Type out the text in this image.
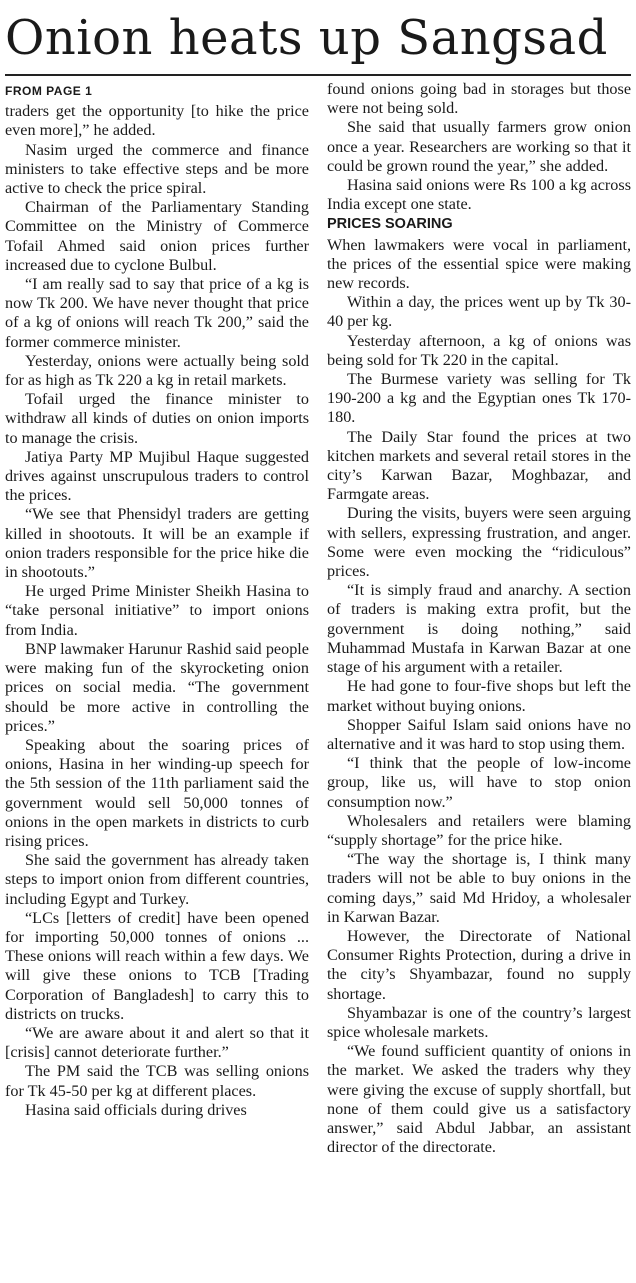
Onion heats up Sangsad
FROM PAGE 1

traders get the opportunity [to hike the price even more],” he added.

Nasim urged the commerce and finance ministers to take effective steps and be more active to check the price spiral.

Chairman of the Parliamentary Standing Committee on the Ministry of Commerce Tofail Ahmed said onion prices further increased due to cyclone Bulbul.

“I am really sad to say that price of a kg is now Tk 200. We have never thought that price of a kg of onions will reach Tk 200,” said the former commerce minister.

Yesterday, onions were actually being sold for as high as Tk 220 a kg in retail markets.

Tofail urged the finance minister to withdraw all kinds of duties on onion imports to manage the crisis.

Jatiya Party MP Mujibul Haque suggested drives against unscrupulous traders to control the prices.

“We see that Phensidyl traders are getting killed in shootouts. It will be an example if onion traders responsible for the price hike die in shootouts.”

He urged Prime Minister Sheikh Hasina to “take personal initiative” to import onions from India.

BNP lawmaker Harunur Rashid said people were making fun of the skyrocketing onion prices on social media. “The government should be more active in controlling the prices.”

Speaking about the soaring prices of onions, Hasina in her winding-up speech for the 5th session of the 11th parliament said the government would sell 50,000 tonnes of onions in the open markets in districts to curb rising prices.

She said the government has already taken steps to import onion from different countries, including Egypt and Turkey.

“LCs [letters of credit] have been opened for importing 50,000 tonnes of onions ... These onions will reach within a few days. We will give these onions to TCB [Trading Corporation of Bangladesh] to carry this to districts on trucks.

“We are aware about it and alert so that it [crisis] cannot deteriorate further.”

The PM said the TCB was selling onions for Tk 45-50 per kg at different places.

Hasina said officials during drives

found onions going bad in storages but those were not being sold.

She said that usually farmers grow onion once a year. Researchers are working so that it could be grown round the year,” she added.

Hasina said onions were Rs 100 a kg across India except one state.

PRICES SOARING

When lawmakers were vocal in parliament, the prices of the essential spice were making new records.

Within a day, the prices went up by Tk 30-40 per kg.

Yesterday afternoon, a kg of onions was being sold for Tk 220 in the capital.

The Burmese variety was selling for Tk 190-200 a kg and the Egyptian ones Tk 170-180.

The Daily Star found the prices at two kitchen markets and several retail stores in the city’s Karwan Bazar, Moghbazar, and Farmgate areas.

During the visits, buyers were seen arguing with sellers, expressing frustration, and anger. Some were even mocking the “ridiculous” prices.

“It is simply fraud and anarchy. A section of traders is making extra profit, but the government is doing nothing,” said Muhammad Mustafa in Karwan Bazar at one stage of his argument with a retailer.

He had gone to four-five shops but left the market without buying onions.

Shopper Saiful Islam said onions have no alternative and it was hard to stop using them.

“I think that the people of low-income group, like us, will have to stop onion consumption now.”

Wholesalers and retailers were blaming “supply shortage” for the price hike.

“The way the shortage is, I think many traders will not be able to buy onions in the coming days,” said Md Hridoy, a wholesaler in Karwan Bazar.

However, the Directorate of National Consumer Rights Protection, during a drive in the city’s Shyambazar, found no supply shortage.

Shyambazar is one of the country’s largest spice wholesale markets.

“We found sufficient quantity of onions in the market. We asked the traders why they were giving the excuse of supply shortfall, but none of them could give us a satisfactory answer,” said Abdul Jabbar, an assistant director of the directorate.
